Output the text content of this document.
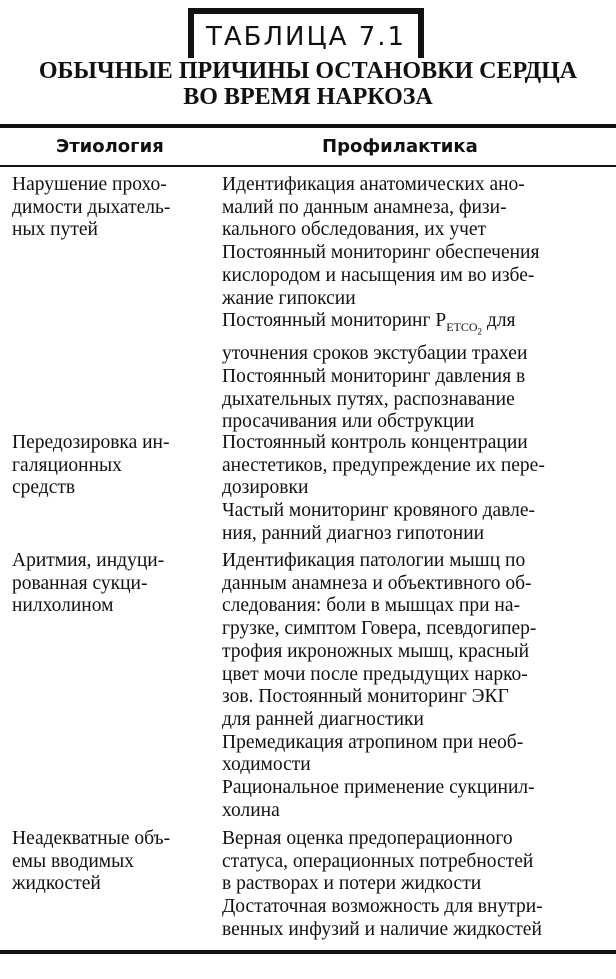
ТАБЛИЦА 7.1
ОБЫЧНЫЕ ПРИЧИНЫ ОСТАНОВКИ СЕРДЦА
ВО ВРЕМЯ НАРКОЗА
Этиология	Профилактика
Нарушение прохо-
димости дыхатель-
ных путей
Идентификация анатомических ано-
малий по данным анамнеза, физи-
кального обследования, их учет
Постоянный мониторинг обеспечения
кислородом и насыщения им во избе-
жание гипоксии
Постоянный мониторинг $P_{ETCO_2}$ для
уточнения сроков экстубации трахеи
Постоянный мониторинг давления в
дыхательных путях, распознавание
просачивания или обструкции
Передозировка ин-
галяционных
средств
Постоянный контроль концентрации
анестетиков, предупреждение их пере-
дозировки
Частый мониторинг кровяного давле-
ния, ранний диагноз гипотонии
Аритмия, индуци-
рованная сукци-
нилхолином
Идентификация патологии мышц по
данным анамнеза и объективного об-
следования: боли в мышцах при на-
грузке, симптом Говера, псевдогипер-
трофия икроножных мышц, красный
цвет мочи после предыдущих нарко-
зов. Постоянный мониторинг ЭКГ
для ранней диагностики
Премедикация атропином при необ-
ходимости
Рациональное применение сукцинил-
холина
Неадекватные объ-
емы вводимых
жидкостей
Верная оценка предоперационного
статуса, операционных потребностей
в растворах и потери жидкости
Достаточная возможность для внутри-
венных инфузий и наличие жидкостей
